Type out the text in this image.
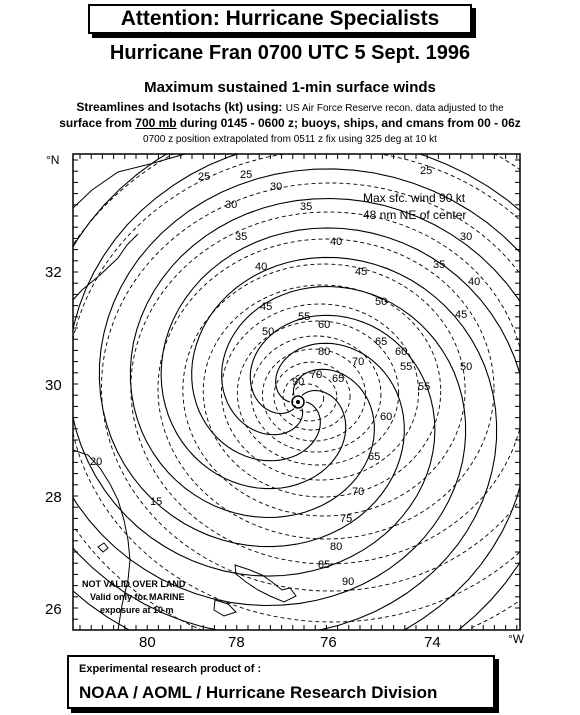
Attention: Hurricane Specialists
Hurricane Fran 0700 UTC 5 Sept. 1996
Maximum sustained 1-min surface winds
Streamlines and Isotachs (kt) using: US Air Force Reserve recon. data adjusted to the
surface from 700 mb during 0145 - 0600 z; buoys, ships, and cmans from 00 - 06z
0700 z position extrapolated from 0511 z fix using 325 deg at 10 kt
25
30
35
40
45
50
55
60
65
70
75
80
85
90
25
30
35
40
45
50
55
60
65
70
15
20
25
30
35
40
45
50
55
60
65
70
80
90
Max sfc. wind 90 kt
48 nm NE of center
NOT VALID OVER LAND
Valid only for MARINE
exposure at 10 m
°N
°W
32
30
28
26
80	78	76	74
Experimental research product of :
NOAA / AOML / Hurricane Research Division
